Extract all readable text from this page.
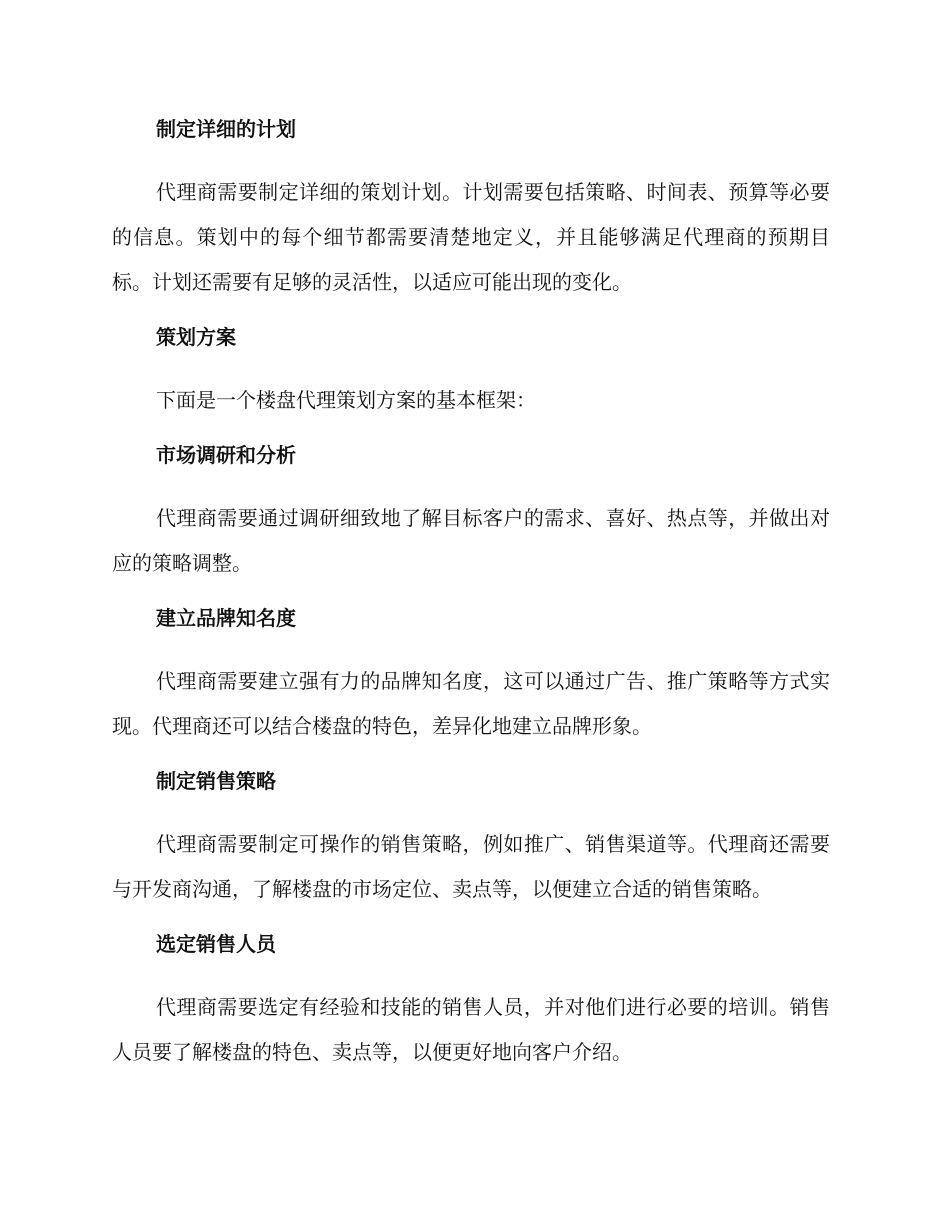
制定详细的计划
代理商需要制定详细的策划计划。计划需要包括策略、时间表、预算等必要的信息。策划中的每个细节都需要清楚地定义，并且能够满足代理商的预期目标。计划还需要有足够的灵活性，以适应可能出现的变化。
策划方案
下面是一个楼盘代理策划方案的基本框架：
市场调研和分析
代理商需要通过调研细致地了解目标客户的需求、喜好、热点等，并做出对应的策略调整。
建立品牌知名度
代理商需要建立强有力的品牌知名度，这可以通过广告、推广策略等方式实现。代理商还可以结合楼盘的特色，差异化地建立品牌形象。
制定销售策略
代理商需要制定可操作的销售策略，例如推广、销售渠道等。代理商还需要与开发商沟通，了解楼盘的市场定位、卖点等，以便建立合适的销售策略。
选定销售人员
代理商需要选定有经验和技能的销售人员，并对他们进行必要的培训。销售人员要了解楼盘的特色、卖点等，以便更好地向客户介绍。
